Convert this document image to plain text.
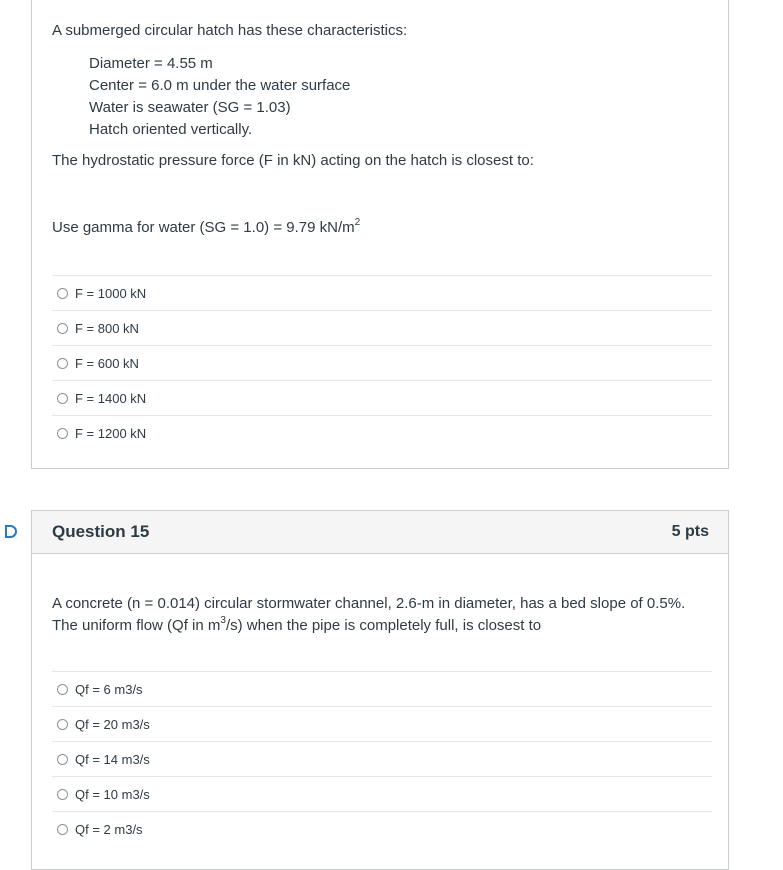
A submerged circular hatch has these characteristics:

Diameter = 4.55 m

Center = 6.0 m under the water surface

Water is seawater (SG = 1.03)

Hatch oriented vertically.

The hydrostatic pressure force (F in kN) acting on the hatch is closest to:
Use gamma for water (SG = 1.0) = 9.79 $kN/m^2$
F = 1000 kN
F = 800 kN
F = 600 kN
F = 1400 kN
F = 1200 kN
Question 15	5 pts
A concrete (n = 0.014) circular stormwater channel, 2.6-m in diameter, has a bed slope of 0.5%. The uniform flow (Qf in $m^3/s$) when the pipe is completely full, is closest to
Qf = 6 m3/s
Qf = 20 m3/s
Qf = 14 m3/s
Qf = 10 m3/s
Qf = 2 m3/s
